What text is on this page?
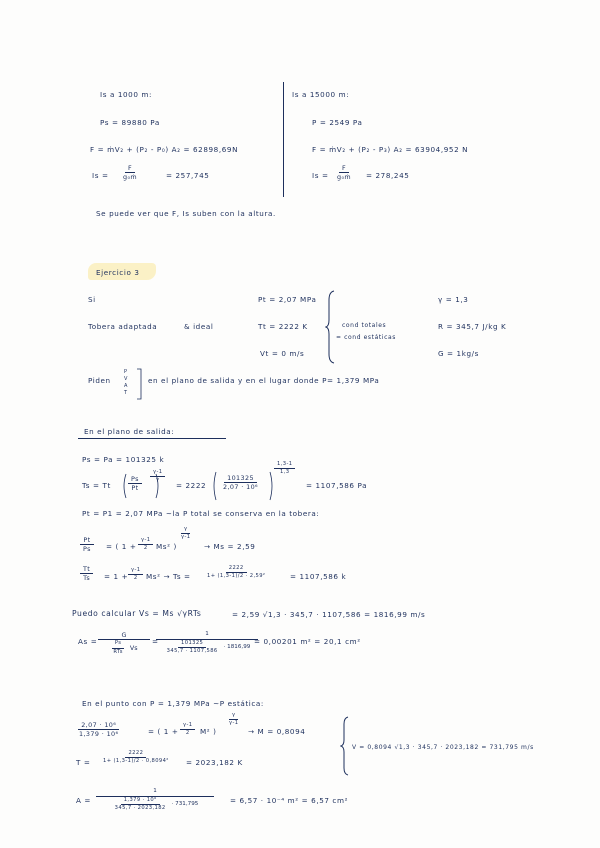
Is a 1000 m:
Ps = 89880 Pa
F = ṁV₂ + (P₂ - P₀) A₂ = 62898,69N
$Is = \frac{F}{\text{g₀ṁ}}$	= 257,745
Is a 15000 m:
P = 2549 Pa
F = ṁV₂ + (P₂ - P₃) A₂ = 63904,952 N
$Is = \frac{F}{\text{g₀ṁ}} = 278,245$
Se puede ver que F, Is suben con la altura.
Ejercicio 3
Si
Tobera adaptada	& ideal
Pt = 2,07 MPa
Tt = 2222 K
Vt = 0 m/s
cond totales
= cond estáticas
γ = 1,3
R = 345,7 J/kg K
G = 1kg/s
Piden
P
V
A
T
en el plano de salida y en el lugar donde P= 1,379 MPa
En el plano de salida:
Ps = Pa = 101325 k
Ts = Tt	$\frac{Ps}{Pt} \frac{\gamma-1}{\gamma}$
= $2222 \frac{101325}{\text{2,07 · 10⁶}}$
$\frac{1,3-1}{1,3}$
= 1107,586 Pa
Pt = P1 = 2,07 MPa ~la P total se conserva en la tobera:
$\frac{Pt}{Ps}$ = ( $1 + \frac{\gamma-1}{2} Ms^2$ )
$\frac{\gamma}{\gamma-1}$
→ Ms = 2,59
$\frac{Tt}{Ts} = 1 + \frac{\gamma-1}{2} Ms^2 \to Ts$ =	$\frac{2222}{\text{1+ (1,3-1)/2 · 2,59²}}$	= 1107,586 k
Puedo calcular Vs = Ms √γRTs	= 2,59 √1,3 · 345,7 · 1107,586 = 1816,99 m/s
As =
G
$\frac{Ps}{\text{RTs}}$ Vs
=
1
$\frac{101325}{345,7 \cdot 1107,586} \cdot 1816,99$
= 0,00201 m² = 20,1 cm²
En el punto con P = 1,379 MPa ~P estática:
$\frac{\text{2,07 · 10⁶}}{\text{1,379 · 10⁶}}$	= ( $1 + \frac{\gamma-1}{2} M^2$ )
$\frac{\gamma}{\gamma-1}$
→ M = 0,8094
$T = \frac{2222}{\text{1+ (1,3-1)/2 · 0,8094²}} = 2023,182$ K
V = 0,8094 √1,3 · 345,7 · 2023,182 = 731,795 m/s
A =
1
$\frac{\text{1,379 · 10⁶}}{345,7 \cdot 2023,182} \cdot 731,795$	= 6,57 · 10⁻⁴ m² = 6,57 cm²
